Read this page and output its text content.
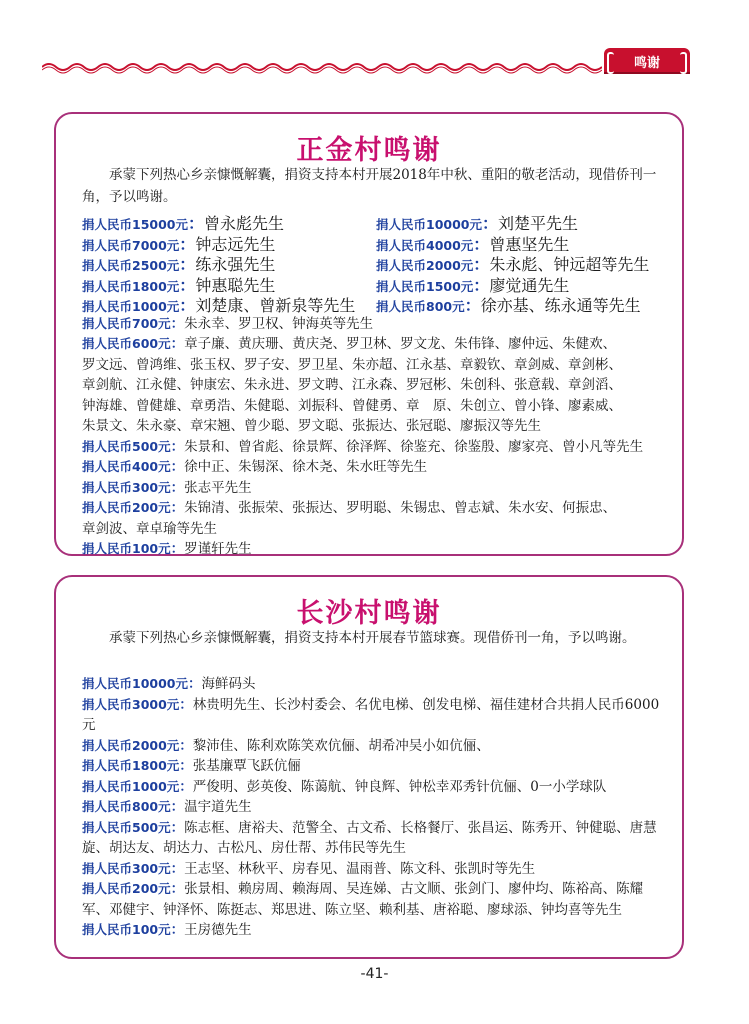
鸣谢
正金村鸣谢
承蒙下列热心乡亲慷慨解囊，捐资支持本村开展2018年中秋、重阳的敬老活动，现借侨刊一角，予以鸣谢。
捐人民币15000元：曾永彪先生	捐人民币10000元：刘楚平先生
捐人民币7000元：钟志远先生	捐人民币4000元：曾惠坚先生
捐人民币2500元：练永强先生	捐人民币2000元：朱永彪、钟远超等先生
捐人民币1800元：钟惠聪先生	捐人民币1500元：廖觉通先生
捐人民币1000元：刘楚康、曾新泉等先生 捐人民币800元：徐亦基、练永通等先生
捐人民币700元：朱永幸、罗卫权、钟海英等先生
捐人民币600元：章子廉、黄庆珊、黄庆尧、罗卫林、罗文龙、朱伟锋、廖仲远、朱健欢、
罗文远、曾鸿维、张玉权、罗子安、罗卫星、朱亦超、江永基、章毅钦、章剑威、章剑彬、
章剑航、江永健、钟康宏、朱永进、罗文聘、江永森、罗冠彬、朱创科、张意载、章剑滔、
钟海雄、曾健雄、章勇浩、朱健聪、刘振科、曾健勇、章　原、朱创立、曾小锋、廖素威、
朱景文、朱永豪、章宋翘、曾少聪、罗文聪、张振达、张冠聪、廖振汉等先生
捐人民币500元：朱景和、曾省彪、徐景辉、徐泽辉、徐鉴充、徐鉴殷、廖家亮、曾小凡等先生
捐人民币400元：徐中正、朱锡深、徐木尧、朱水旺等先生
捐人民币300元：张志平先生
捐人民币200元：朱锦清、张振荣、张振达、罗明聪、朱锡忠、曾志斌、朱水安、何振忠、
章剑波、章卓瑜等先生
捐人民币100元：罗谨轩先生
长沙村鸣谢
承蒙下列热心乡亲慷慨解囊，捐资支持本村开展春节篮球赛。现借侨刊一角，予以鸣谢。
捐人民币10000元：海鲜码头
捐人民币3000元：林贵明先生、长沙村委会、名优电梯、创发电梯、福佳建材合共捐人民币6000元
捐人民币2000元：黎沛佳、陈利欢陈笑欢伉俪、胡希冲吴小如伉俪、
捐人民币1800元：张基廉覃飞跃伉俪
捐人民币1000元：严俊明、彭英俊、陈蔼航、钟良辉、钟松幸邓秀针伉俪、0一小学球队
捐人民币800元：温宇道先生
捐人民币500元：陈志框、唐裕夫、范警全、古文希、长格餐厅、张昌运、陈秀开、钟健聪、唐慧旋、胡达友、胡达力、古松凡、房仕帮、苏伟民等先生
捐人民币300元：王志坚、林秋平、房春见、温雨普、陈文科、张凯时等先生
捐人民币200元：张景相、赖房周、赖海周、吴连娣、古文顺、张剑门、廖仲均、陈裕高、陈耀军、邓健宇、钟泽怀、陈挺志、郑思进、陈立坚、赖利基、唐裕聪、廖球添、钟均喜等先生
捐人民币100元：王房德先生
-41-
